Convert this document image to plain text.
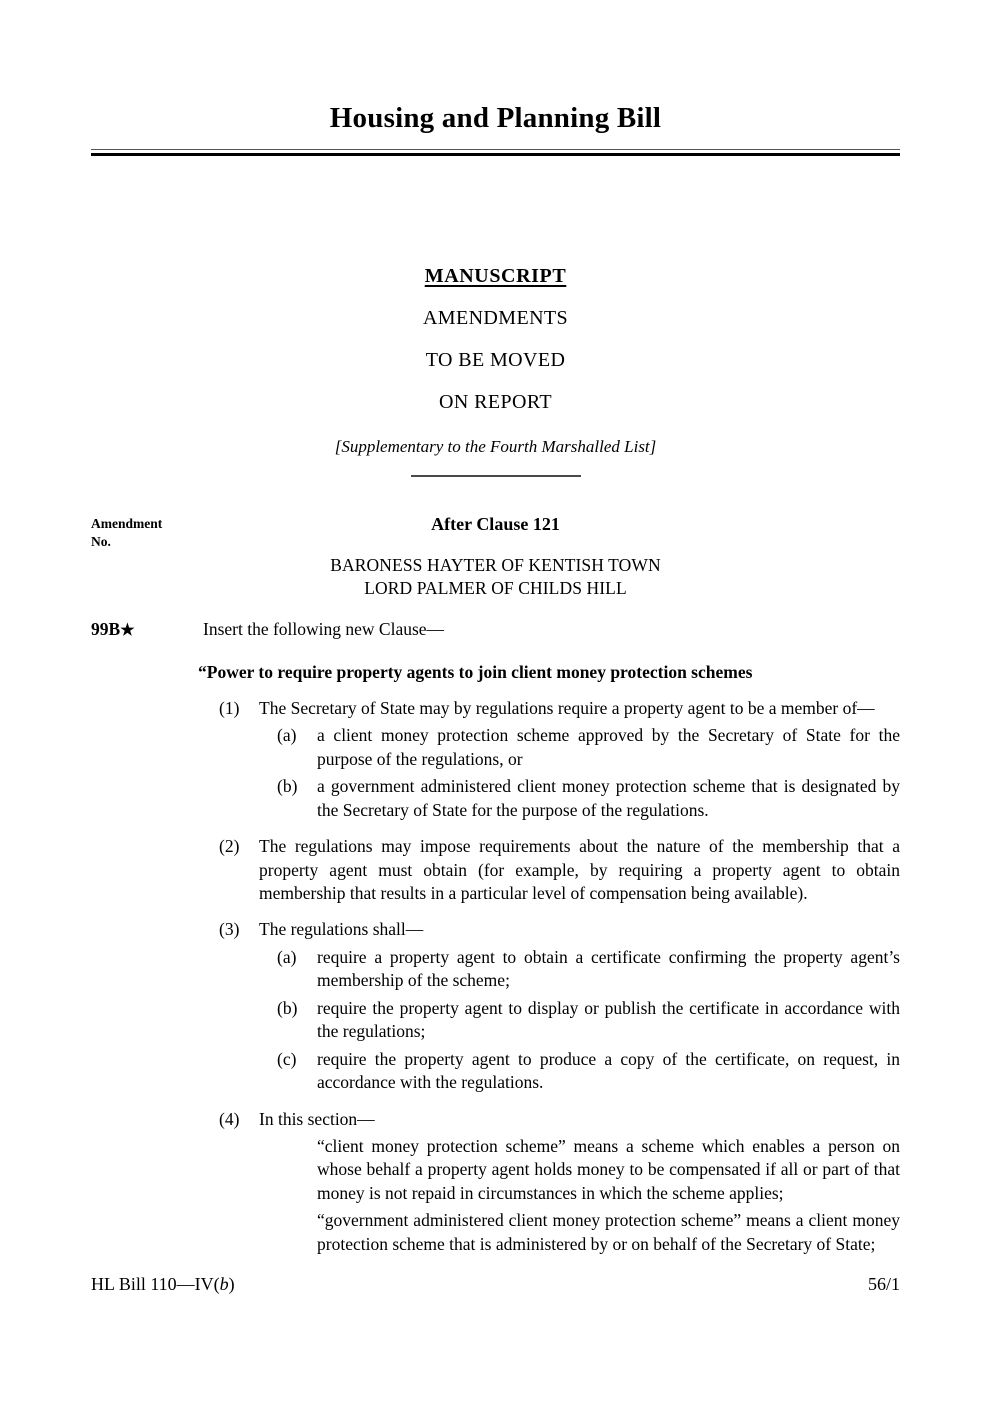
Housing and Planning Bill
MANUSCRIPT
AMENDMENTS
TO BE MOVED
ON REPORT
[Supplementary to the Fourth Marshalled List]
Amendment
No.
After Clause 121
BARONESS HAYTER OF KENTISH TOWN
LORD PALMER OF CHILDS HILL
99B★	Insert the following new Clause—
“Power to require property agents to join client money protection schemes
(1) The Secretary of State may by regulations require a property agent to be a member of—
(a) a client money protection scheme approved by the Secretary of State for the purpose of the regulations, or
(b) a government administered client money protection scheme that is designated by the Secretary of State for the purpose of the regulations.
(2) The regulations may impose requirements about the nature of the membership that a property agent must obtain (for example, by requiring a property agent to obtain membership that results in a particular level of compensation being available).
(3) The regulations shall—
(a) require a property agent to obtain a certificate confirming the property agent’s membership of the scheme;
(b) require the property agent to display or publish the certificate in accordance with the regulations;
(c) require the property agent to produce a copy of the certificate, on request, in accordance with the regulations.
(4) In this section—
“client money protection scheme” means a scheme which enables a person on whose behalf a property agent holds money to be compensated if all or part of that money is not repaid in circumstances in which the scheme applies;
“government administered client money protection scheme” means a client money protection scheme that is administered by or on behalf of the Secretary of State;
HL Bill 110—IV(b)	56/1
